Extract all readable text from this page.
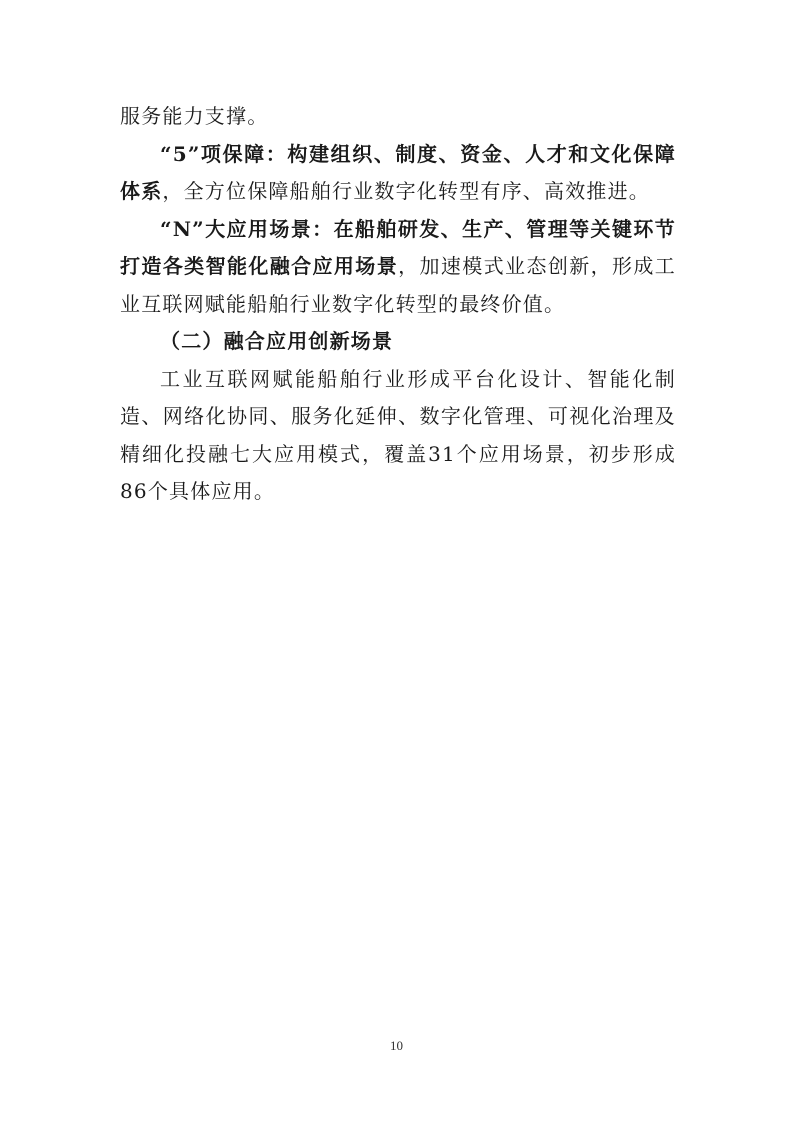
服务能力支撑。

“5”项保障：构建组织、制度、资金、人才和文化保障体系，全方位保障船舶行业数字化转型有序、高效推进。

“N”大应用场景：在船舶研发、生产、管理等关键环节打造各类智能化融合应用场景，加速模式业态创新，形成工业互联网赋能船舶行业数字化转型的最终价值。

（二）融合应用创新场景

工业互联网赋能船舶行业形成平台化设计、智能化制造、网络化协同、服务化延伸、数字化管理、可视化治理及精细化投融七大应用模式，覆盖31个应用场景，初步形成86个具体应用。

10
